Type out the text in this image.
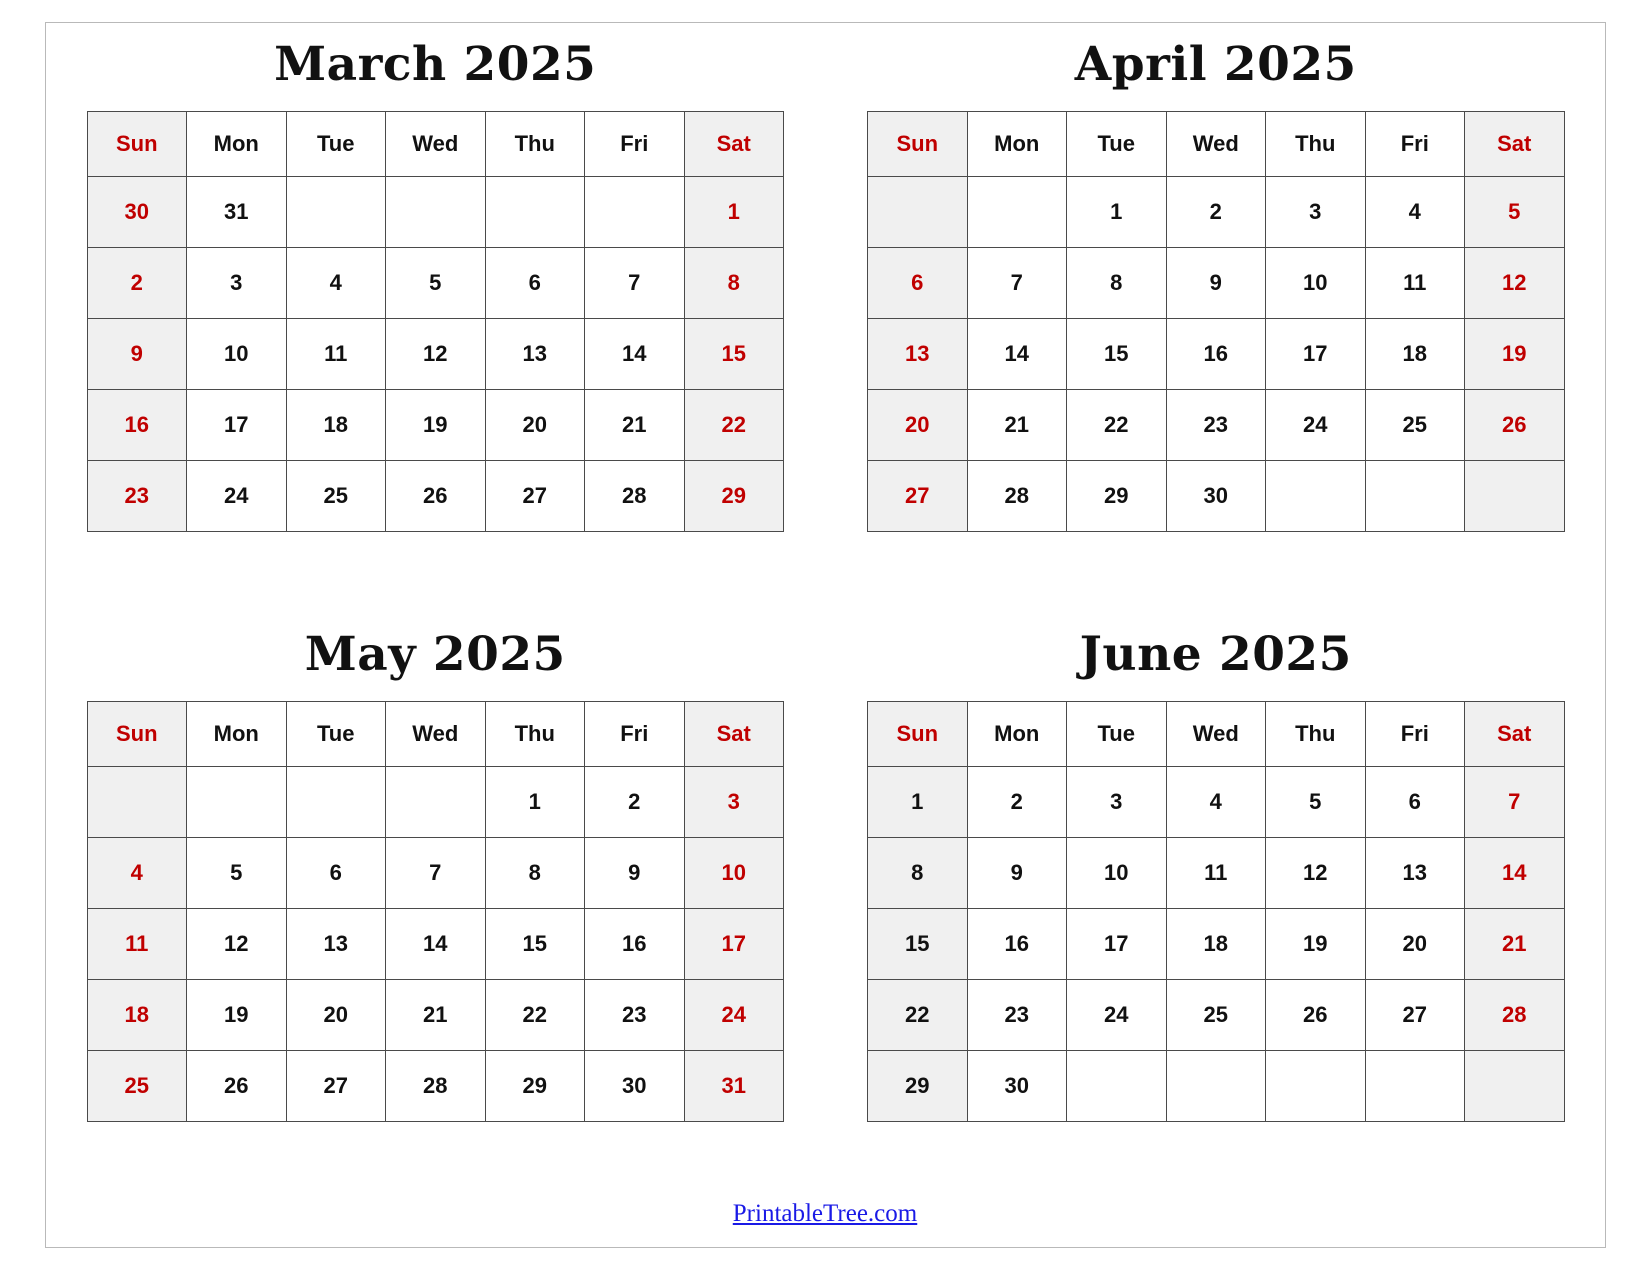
March 2025
Sun	Mon	Tue	Wed	Thu	Fri	Sat
30	31					1
2	3	4	5	6	7	8
9	10	11	12	13	14	15
16	17	18	19	20	21	22
23	24	25	26	27	28	29
April 2025
Sun	Mon	Tue	Wed	Thu	Fri	Sat
		1	2	3	4	5
6	7	8	9	10	11	12
13	14	15	16	17	18	19
20	21	22	23	24	25	26
27	28	29	30			
May 2025
Sun	Mon	Tue	Wed	Thu	Fri	Sat
				1	2	3
4	5	6	7	8	9	10
11	12	13	14	15	16	17
18	19	20	21	22	23	24
25	26	27	28	29	30	31
June 2025
Sun	Mon	Tue	Wed	Thu	Fri	Sat
1	2	3	4	5	6	7
8	9	10	11	12	13	14
15	16	17	18	19	20	21
22	23	24	25	26	27	28
29	30					
PrintableTree.com
